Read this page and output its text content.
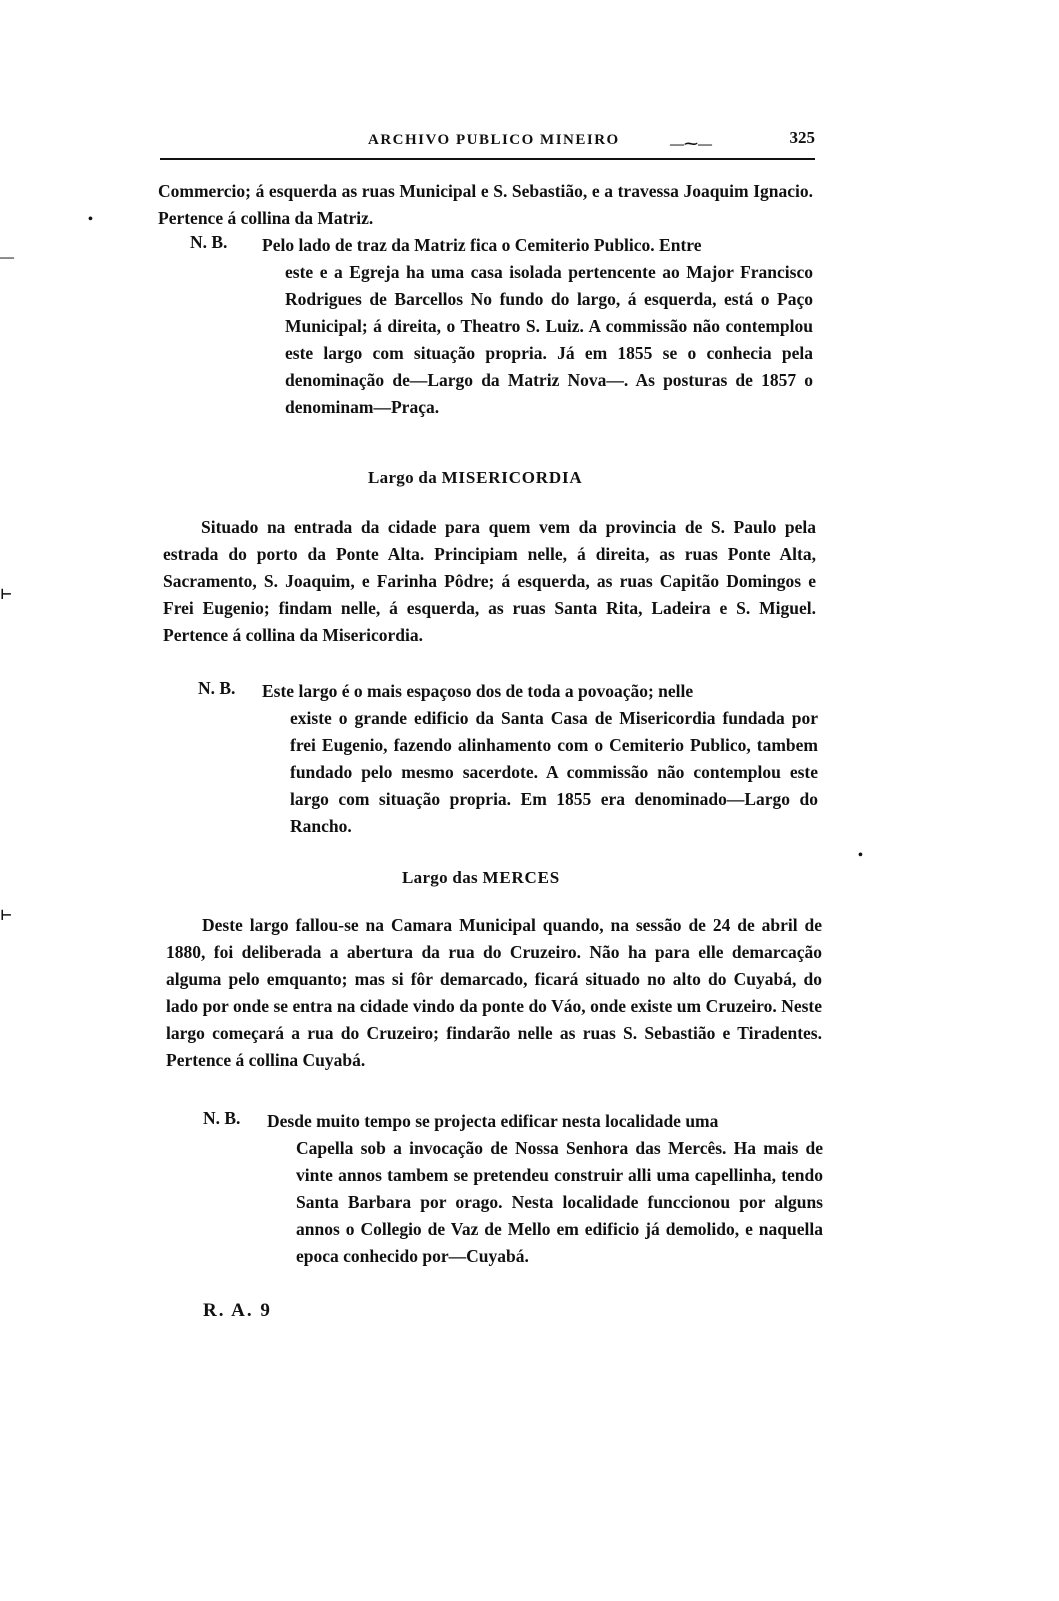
ARCHIVO PUBLICO MINEIRO	—⁓—	325
Commercio; á esquerda as ruas Municipal e S. Sebastião, e a travessa Joaquim Ignacio. Pertence á collina da Matriz.
N. B. Pelo lado de traz da Matriz fica o Cemiterio Publico. Entre
este e a Egreja ha uma casa isolada pertencente ao Major Francisco Rodrigues de Barcellos No fundo do largo, á esquerda, está o Paço Municipal; á direita, o Theatro S. Luiz. A commissão não contemplou este largo com situação propria. Já em 1855 se o conhecia pela denominação de—Largo da Matriz Nova—. As posturas de 1857 o denominam—Praça.
Largo da MISERICORDIA
Situado na entrada da cidade para quem vem da provincia de S. Paulo pela estrada do porto da Ponte Alta. Principiam nelle, á direita, as ruas Ponte Alta, Sacramento, S. Joaquim, e Farinha Pôdre; á esquerda, as ruas Capitão Domingos e Frei Eugenio; findam nelle, á esquerda, as ruas Santa Rita, Ladeira e S. Miguel. Pertence á collina da Misericordia.
N. B. Este largo é o mais espaçoso dos de toda a povoação; nelle
existe o grande edificio da Santa Casa de Misericordia fundada por frei Eugenio, fazendo alinhamento com o Cemiterio Publico, tambem fundado pelo mesmo sacerdote. A commissão não contemplou este largo com situação propria. Em 1855 era denominado—Largo do Rancho.
Largo das MERCES
Deste largo fallou-se na Camara Municipal quando, na sessão de 24 de abril de 1880, foi deliberada a abertura da rua do Cruzeiro. Não ha para elle demarcação alguma pelo emquanto; mas si fôr demarcado, ficará situado no alto do Cuyabá, do lado por onde se entra na cidade vindo da ponte do Váo, onde existe um Cruzeiro. Neste largo começará a rua do Cruzeiro; findarão nelle as ruas S. Sebastião e Tiradentes. Pertence á collina Cuyabá.
N. B. Desde muito tempo se projecta edificar nesta localidade uma
Capella sob a invocação de Nossa Senhora das Mercês. Ha mais de vinte annos tambem se pretendeu construir alli uma capellinha, tendo Santa Barbara por orago. Nesta localidade funccionou por alguns annos o Collegio de Vaz de Mello em edificio já demolido, e naquella epoca conhecido por—Cuyabá.
R. A. 9
—
⊢
⊢
•
•
